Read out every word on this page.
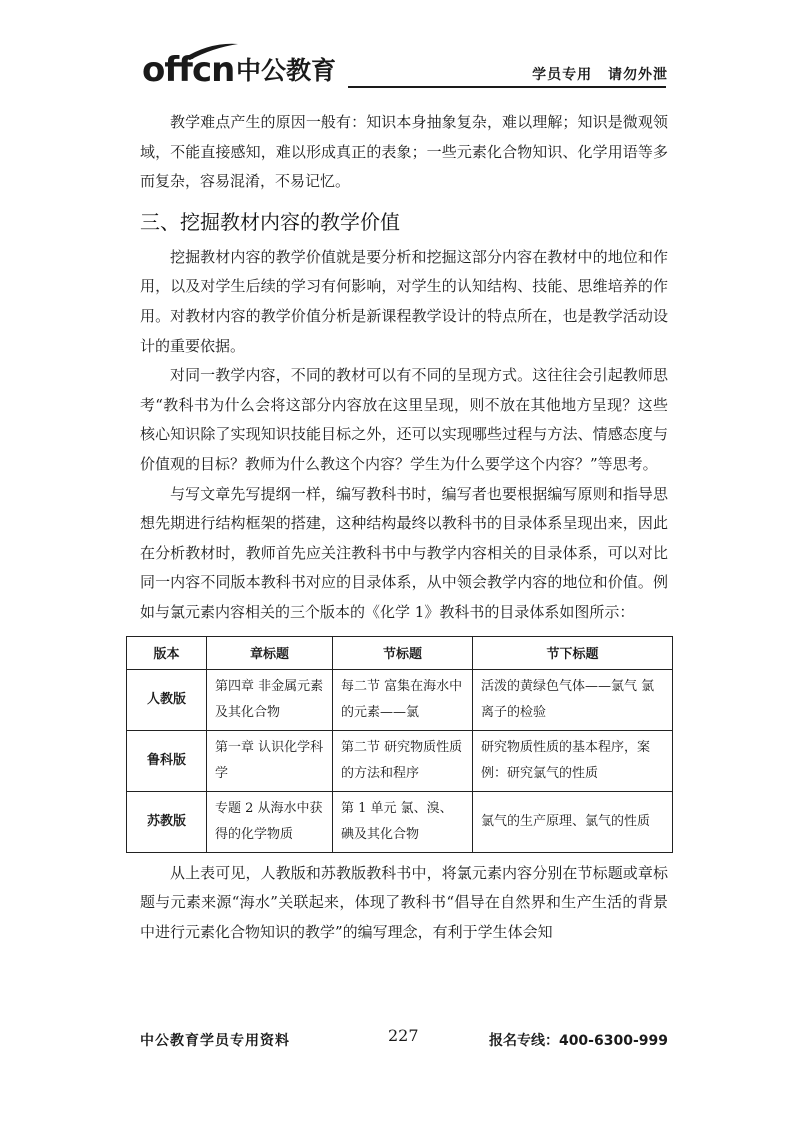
offcn 中公教育	学员专用 请勿外泄

教学难点产生的原因一般有：知识本身抽象复杂，难以理解；知识是微观领域，不能直接感知，难以形成真正的表象；一些元素化合物知识、化学用语等多而复杂，容易混淆，不易记忆。

三、挖掘教材内容的教学价值

挖掘教材内容的教学价值就是要分析和挖掘这部分内容在教材中的地位和作用，以及对学生后续的学习有何影响，对学生的认知结构、技能、思维培养的作用。对教材内容的教学价值分析是新课程教学设计的特点所在，也是教学活动设计的重要依据。

对同一教学内容，不同的教材可以有不同的呈现方式。这往往会引起教师思考“教科书为什么会将这部分内容放在这里呈现，则不放在其他地方呈现？这些核心知识除了实现知识技能目标之外，还可以实现哪些过程与方法、情感态度与价值观的目标？教师为什么教这个内容？学生为什么要学这个内容？”等思考。

与写文章先写提纲一样，编写教科书时，编写者也要根据编写原则和指导思想先期进行结构框架的搭建，这种结构最终以教科书的目录体系呈现出来，因此在分析教材时，教师首先应关注教科书中与教学内容相关的目录体系，可以对比同一内容不同版本教科书对应的目录体系，从中领会教学内容的地位和价值。例如与氯元素内容相关的三个版本的《化学 1》教科书的目录体系如图所示：

版本	章标题	节标题	节下标题
人教版	第四章 非金属元素及其化合物	每二节 富集在海水中的元素——氯	活泼的黄绿色气体——氯气 氯离子的检验
鲁科版	第一章 认识化学科学	第二节 研究物质性质的方法和程序	研究物质性质的基本程序，案例：研究氯气的性质
苏教版	专题 2 从海水中获得的化学物质	第 1 单元 氯、溴、碘及其化合物	氯气的生产原理、氯气的性质

从上表可见，人教版和苏教版教科书中，将氯元素内容分别在节标题或章标题与元素来源“海水”关联起来，体现了教科书“倡导在自然界和生产生活的背景中进行元素化合物知识的教学”的编写理念，有利于学生体会知

中公教育学员专用资料	227	报名专线：400-6300-999
